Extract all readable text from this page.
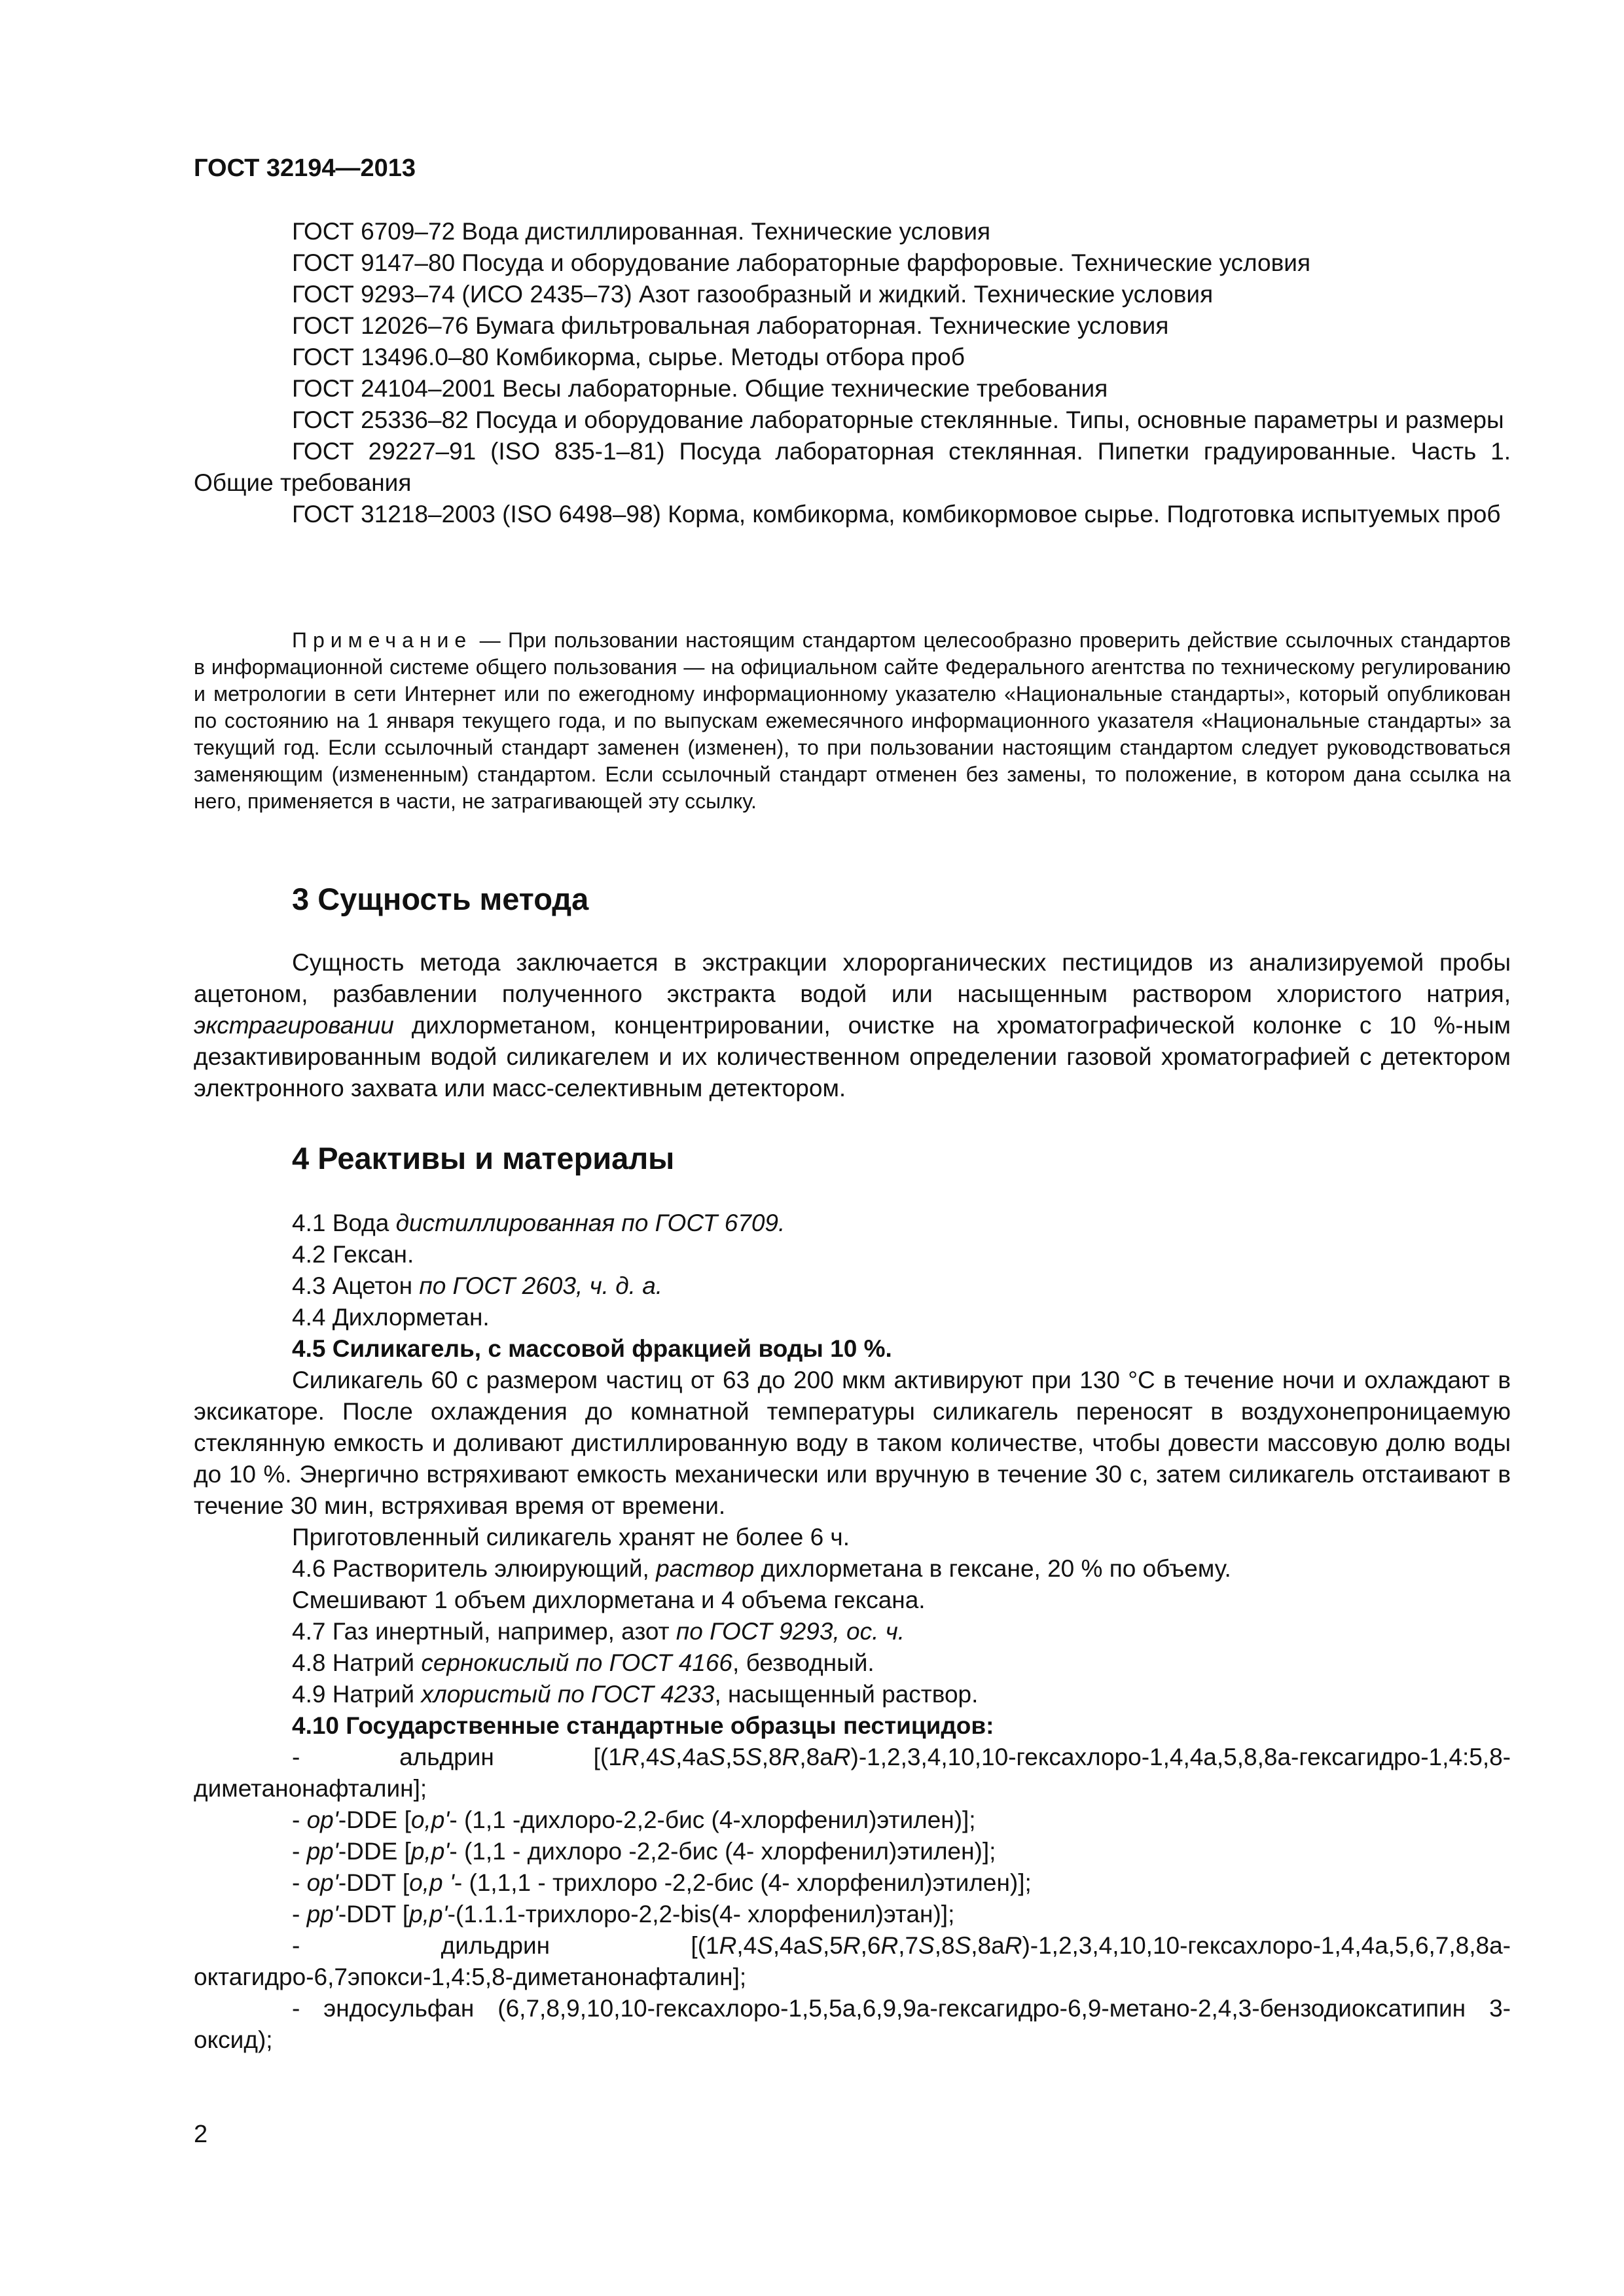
ГОСТ 32194—2013

ГОСТ 6709–72 Вода дистиллированная. Технические условия

ГОСТ 9147–80 Посуда и оборудование лабораторные фарфоровые. Технические условия

ГОСТ 9293–74 (ИСО 2435–73) Азот газообразный и жидкий. Технические условия

ГОСТ 12026–76 Бумага фильтровальная лабораторная. Технические условия

ГОСТ 13496.0–80 Комбикорма, сырье. Методы отбора проб

ГОСТ 24104–2001 Весы лабораторные. Общие технические требования

ГОСТ 25336–82 Посуда и оборудование лабораторные стеклянные. Типы, основные параметры и размеры

ГОСТ 29227–91 (ISO 835-1–81) Посуда лабораторная стеклянная. Пипетки градуированные. Часть 1. Общие требования

ГОСТ 31218–2003 (ISO 6498–98) Корма, комбикорма, комбикормовое сырье. Подготовка испытуемых проб

Примечание — При пользовании настоящим стандартом целесообразно проверить действие ссылочных стандартов в информационной системе общего пользования — на официальном сайте Федерального агентства по техническому регулированию и метрологии в сети Интернет или по ежегодному информационному указателю «Национальные стандарты», который опубликован по состоянию на 1 января текущего года, и по выпускам ежемесячного информационного указателя «Национальные стандарты» за текущий год. Если ссылочный стандарт заменен (изменен), то при пользовании настоящим стандартом следует руководствоваться заменяющим (измененным) стандартом. Если ссылочный стандарт отменен без замены, то положение, в котором дана ссылка на него, применяется в части, не затрагивающей эту ссылку.

3 Сущность метода

Сущность метода заключается в экстракции хлорорганических пестицидов из анализируемой пробы ацетоном, разбавлении полученного экстракта водой или насыщенным раствором хлористого натрия, экстрагировании дихлорметаном, концентрировании, очистке на хроматографической колонке с 10 %-ным дезактивированным водой силикагелем и их количественном определении газовой хроматографией с детектором электронного захвата или масс-селективным детектором.

4 Реактивы и материалы

4.1 Вода дистиллированная по ГОСТ 6709.

4.2 Гексан.

4.3 Ацетон по ГОСТ 2603, ч. д. а.

4.4 Дихлорметан.

4.5 Силикагель, с массовой фракцией воды 10 %.

Силикагель 60 с размером частиц от 63 до 200 мкм активируют при 130 °C в течение ночи и охлаждают в эксикаторе. После охлаждения до комнатной температуры силикагель переносят в воздухонепроницаемую стеклянную емкость и доливают дистиллированную воду в таком количестве, чтобы довести массовую долю воды до 10 %. Энергично встряхивают емкость механически или вручную в течение 30 с, затем силикагель отстаивают в течение 30 мин, встряхивая время от времени.

Приготовленный силикагель хранят не более 6 ч.

4.6 Растворитель элюирующий, раствор дихлорметана в гексане, 20 % по объему.

Смешивают 1 объем дихлорметана и 4 объема гексана.

4.7 Газ инертный, например, азот по ГОСТ 9293, ос. ч.

4.8 Натрий сернокислый по ГОСТ 4166, безводный.

4.9 Натрий хлористый по ГОСТ 4233, насыщенный раствор.

4.10 Государственные стандартные образцы пестицидов:

- альдрин [(1R,4S,4аS,5S,8R,8аR)-1,2,3,4,10,10-гексахлоро-1,4,4а,5,8,8а-гексагидро-1,4:5,8-диметанонафталин];

- op'-DDE [o,p'- (1,1 -дихлоро-2,2-бис (4-хлорфенил)этилен)];

- pp'-DDE [p,p'- (1,1 - дихлоро -2,2-бис (4- хлорфенил)этилен)];

- op'-DDT [o,p '- (1,1,1 - трихлоро -2,2-бис (4- хлорфенил)этилен)];

- pp'-DDT [p,p'-(1.1.1-трихлоро-2,2-bis(4- хлорфенил)этан)];

- дильдрин [(1R,4S,4аS,5R,6R,7S,8S,8аR)-1,2,3,4,10,10-гексахлоро-1,4,4а,5,6,7,8,8а-октагидро-6,7эпокси-1,4:5,8-диметанонафталин];

- эндосульфан (6,7,8,9,10,10-гексахлоро-1,5,5а,6,9,9а-гексагидро-6,9-метано-2,4,3-бензодиоксатипин 3-оксид);

2
